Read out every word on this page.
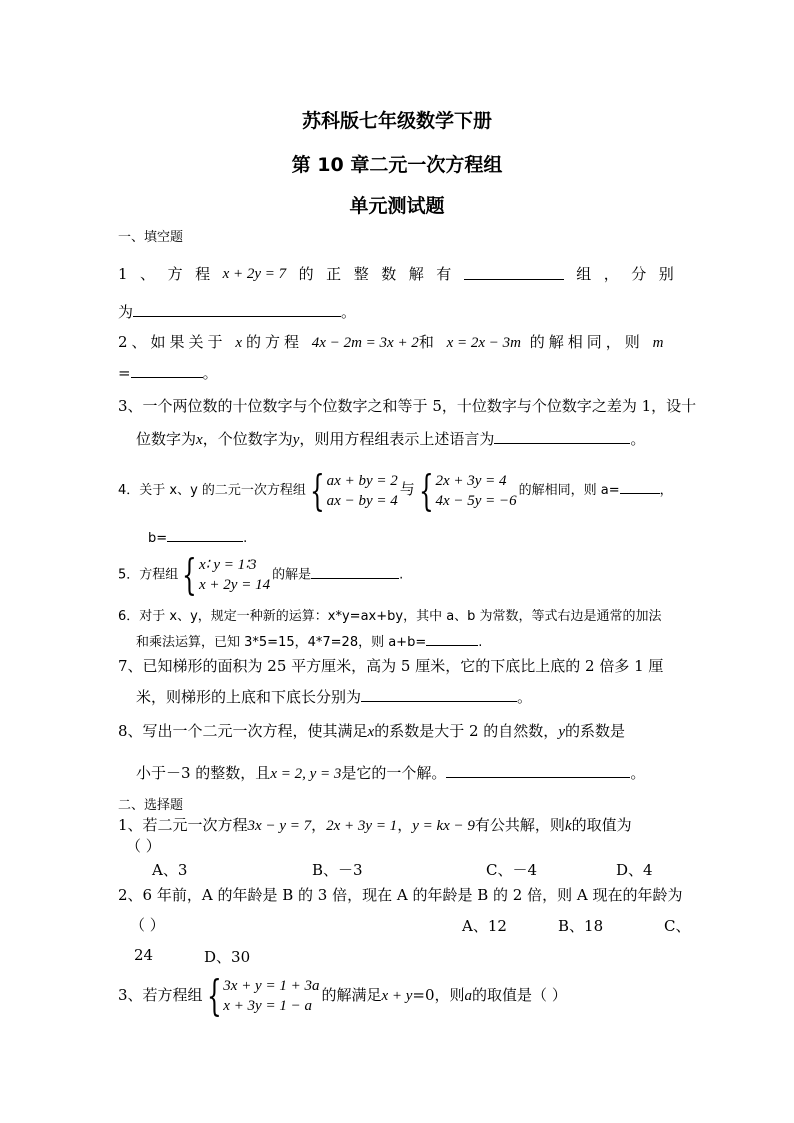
苏科版七年级数学下册
第 10 章二元一次方程组
单元测试题
一、填空题
1 、 方 程 x + 2y = 7 的 正 整 数 解 有	组 ， 分 别
为	。
2、如果关于 x的方程 4x − 2m = 3x + 2和 x = 2x − 3m 的解相同，则 m
=	。
3、一个两位数的十位数字与个位数字之和等于 5，十位数字与个位数字之差为 1，设十
位数字为x，个位数字为y，则用方程组表示上述语言为	。
4．关于 x、y 的二元一次方程组 { ax + by = 2
ax − by = 4
与 { 2x + 3y = 4
4x − 5y = −6
的解相同，则 a=	，
b=	.
5．方程组 { x∶ y = 1∶3
x + 2y = 14
的解是	.
6．对于 x、y，规定一种新的运算：x*y=ax+by，其中 a、b 为常数，等式右边是通常的加法
和乘法运算，已知 3*5=15，4*7=28，则 a+b=	.
7、已知梯形的面积为 25 平方厘米，高为 5 厘米，它的下底比上底的 2 倍多 1 厘
米，则梯形的上底和下底长分别为	。
8、写出一个二元一次方程，使其满足x的系数是大于 2 的自然数，y的系数是
小于－3 的整数，且x = 2, y = 3是它的一个解。	。
二、选择题
1、若二元一次方程3x − y = 7，2x + 3y = 1，y = kx − 9有公共解，则k的取值为
（ ）
A、3	B、－3	C、－4	D、4
2、6 年前，A 的年龄是 B 的 3 倍，现在 A 的年龄是 B 的 2 倍，则 A 现在的年龄为
（ ）	A、12	B、18	C、
24	D、30
3、若方程组 { 3x + y = 1 + 3a
x + 3y = 1 − a
的解满足x + y=0，则a的取值是（ ）
